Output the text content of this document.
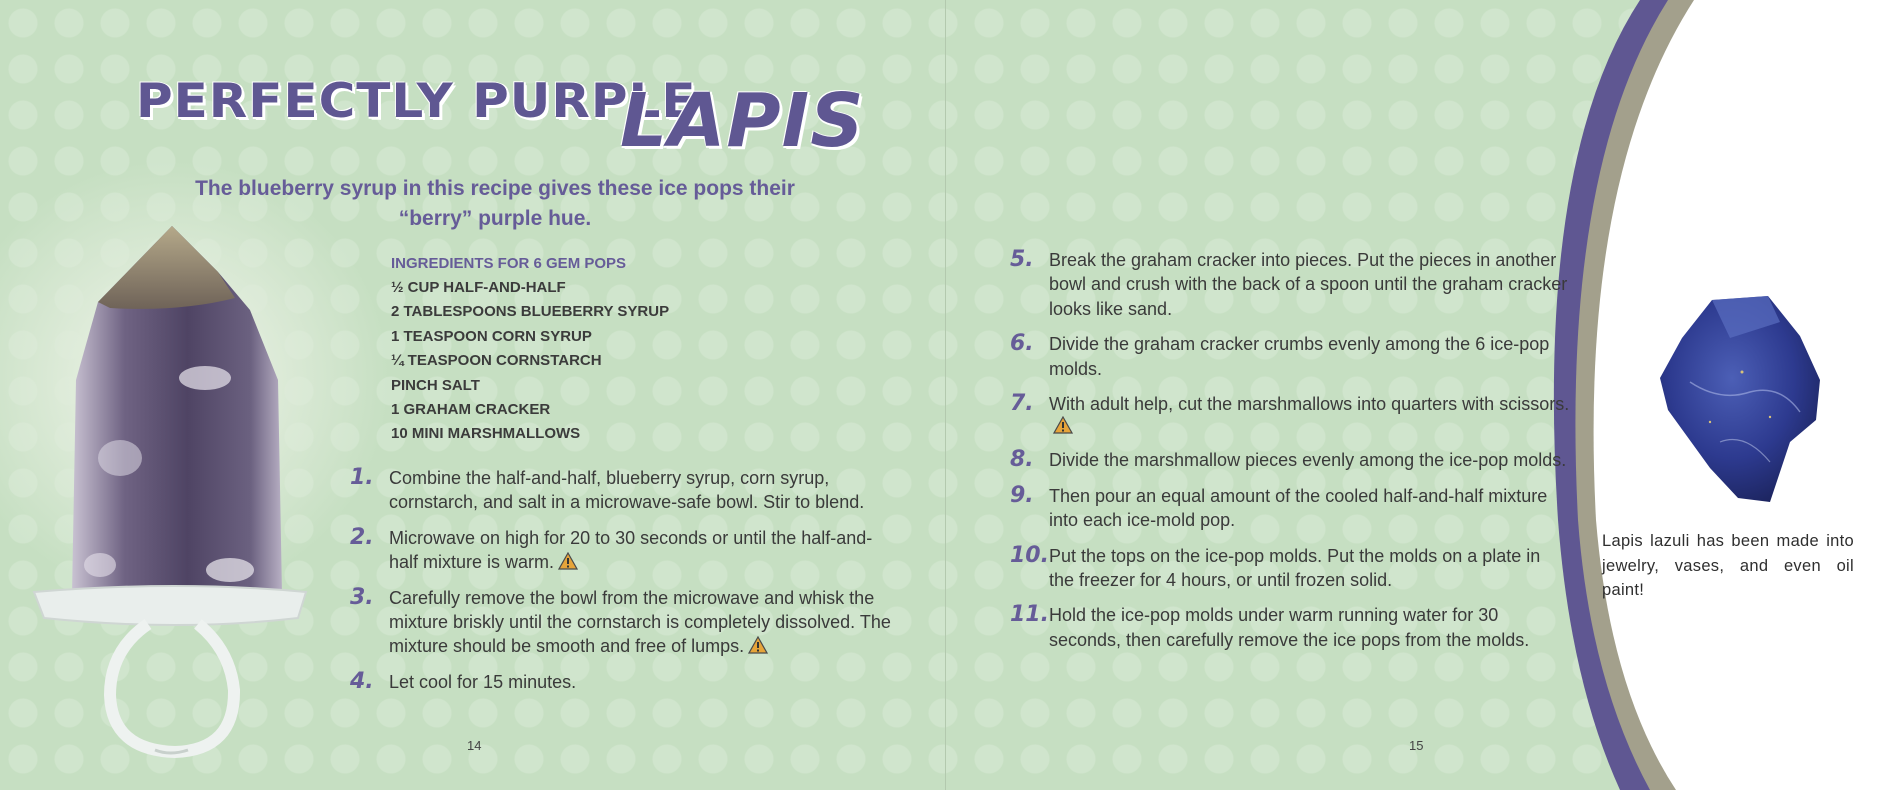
PERFECTLY PURPLE
LAPIS
The blueberry syrup in this recipe gives these ice pops their “berry” purple hue.
INGREDIENTS FOR 6 GEM POPS
½ CUP HALF-AND-HALF
2 TABLESPOONS BLUEBERRY SYRUP
1 TEASPOON CORN SYRUP
¼ TEASPOON CORNSTARCH
PINCH SALT
1 GRAHAM CRACKER
10 MINI MARSHMALLOWS
1. Combine the half-and-half, blueberry syrup, corn syrup, cornstarch, and salt in a microwave-safe bowl. Stir to blend.
2. Microwave on high for 20 to 30 seconds or until the half-and-half mixture is warm.
3. Carefully remove the bowl from the microwave and whisk the mixture briskly until the cornstarch is completely dissolved. The mixture should be smooth and free of lumps.
4. Let cool for 15 minutes.
5. Break the graham cracker into pieces. Put the pieces in another bowl and crush with the back of a spoon until the graham cracker looks like sand.
6. Divide the graham cracker crumbs evenly among the 6 ice-pop molds.
7. With adult help, cut the marshmallows into quarters with scissors.
8. Divide the marshmallow pieces evenly among the ice-pop molds.
9. Then pour an equal amount of the cooled half-and-half mixture into each ice-mold pop.
10. Put the tops on the ice-pop molds. Put the molds on a plate in the freezer for 4 hours, or until frozen solid.
11. Hold the ice-pop molds under warm running water for 30 seconds, then carefully remove the ice pops from the molds.
14	15
Lapis lazuli has been made into jewelry, vases, and even oil paint!
